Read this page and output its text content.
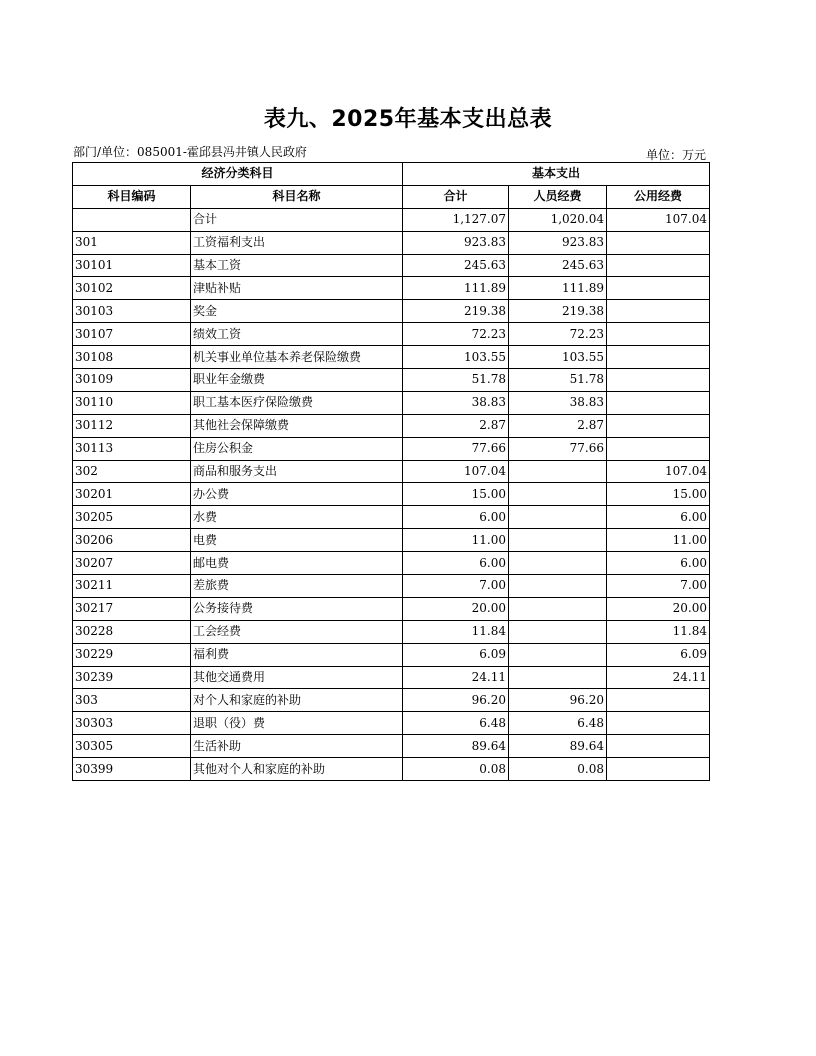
表九、2025年基本支出总表
部门/单位：085001-霍邱县冯井镇人民政府	单位：万元
经济分类科目		基本支出		
科目编码	科目名称	合计	人员经费	公用经费
	合计	1,127.07	1,020.04	107.04
301	工资福利支出	923.83	923.83	
30101	基本工资	245.63	245.63	
30102	津贴补贴	111.89	111.89	
30103	奖金	219.38	219.38	
30107	绩效工资	72.23	72.23	
30108	机关事业单位基本养老保险缴费	103.55	103.55	
30109	职业年金缴费	51.78	51.78	
30110	职工基本医疗保险缴费	38.83	38.83	
30112	其他社会保障缴费	2.87	2.87	
30113	住房公积金	77.66	77.66	
302	商品和服务支出	107.04		107.04
30201	办公费	15.00		15.00
30205	水费	6.00		6.00
30206	电费	11.00		11.00
30207	邮电费	6.00		6.00
30211	差旅费	7.00		7.00
30217	公务接待费	20.00		20.00
30228	工会经费	11.84		11.84
30229	福利费	6.09		6.09
30239	其他交通费用	24.11		24.11
303	对个人和家庭的补助	96.20	96.20	
30303	退职（役）费	6.48	6.48	
30305	生活补助	89.64	89.64	
30399	其他对个人和家庭的补助	0.08	0.08	
